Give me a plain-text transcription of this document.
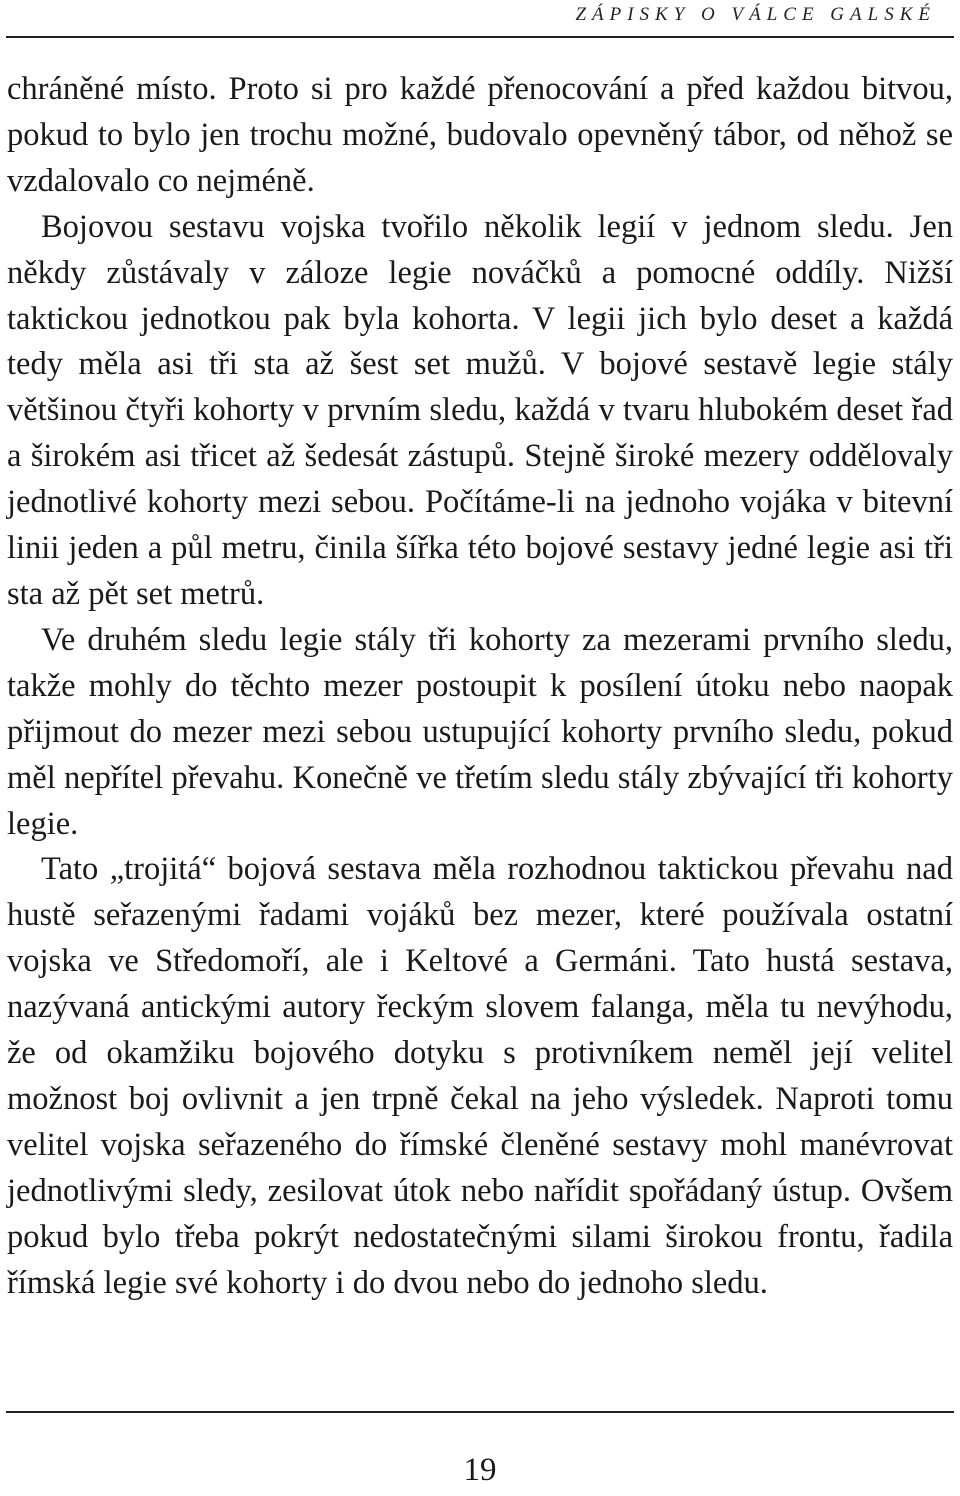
ZÁPISKY O VÁLCE GALSKÉ

chráněné místo. Proto si pro každé přenocování a před každou bitvou, pokud to bylo jen trochu možné, budovalo opevněný tábor, od něhož se vzdalovalo co nejméně.

Bojovou sestavu vojska tvořilo několik legií v jednom sledu. Jen někdy zůstávaly v záloze legie nováčků a pomocné oddíly. Nižší taktickou jednotkou pak byla kohorta. V legii jich bylo deset a každá tedy měla asi tři sta až šest set mužů. V bojové sestavě legie stály většinou čtyři kohorty v prvním sledu, každá v tvaru hlubokém deset řad a širokém asi třicet až šedesát zástupů. Stejně široké mezery oddělovaly jednotlivé kohorty mezi sebou. Počítáme-li na jednoho vojáka v bitevní linii jeden a půl metru, činila šířka této bojové sestavy jedné legie asi tři sta až pět set metrů.

Ve druhém sledu legie stály tři kohorty za mezerami prvního sledu, takže mohly do těchto mezer postoupit k posílení útoku nebo naopak přijmout do mezer mezi sebou ustupující kohorty prvního sledu, pokud měl nepřítel převahu. Konečně ve třetím sledu stály zbývající tři kohorty legie.

Tato „trojitá“ bojová sestava měla rozhodnou taktickou převahu nad hustě seřazenými řadami vojáků bez mezer, které používala ostatní vojska ve Středomoří, ale i Keltové a Germáni. Tato hustá sestava, nazývaná antickými autory řeckým slovem falanga, měla tu nevýhodu, že od okamžiku bojového dotyku s protivníkem neměl její velitel možnost boj ovlivnit a jen trpně čekal na jeho výsledek. Naproti tomu velitel vojska seřazeného do římské členěné sestavy mohl manévrovat jednotlivými sledy, zesilovat útok nebo nařídit spořádaný ústup. Ovšem pokud bylo třeba pokrýt nedostatečnými silami širokou frontu, řadila římská legie své kohorty i do dvou nebo do jednoho sledu.

19
